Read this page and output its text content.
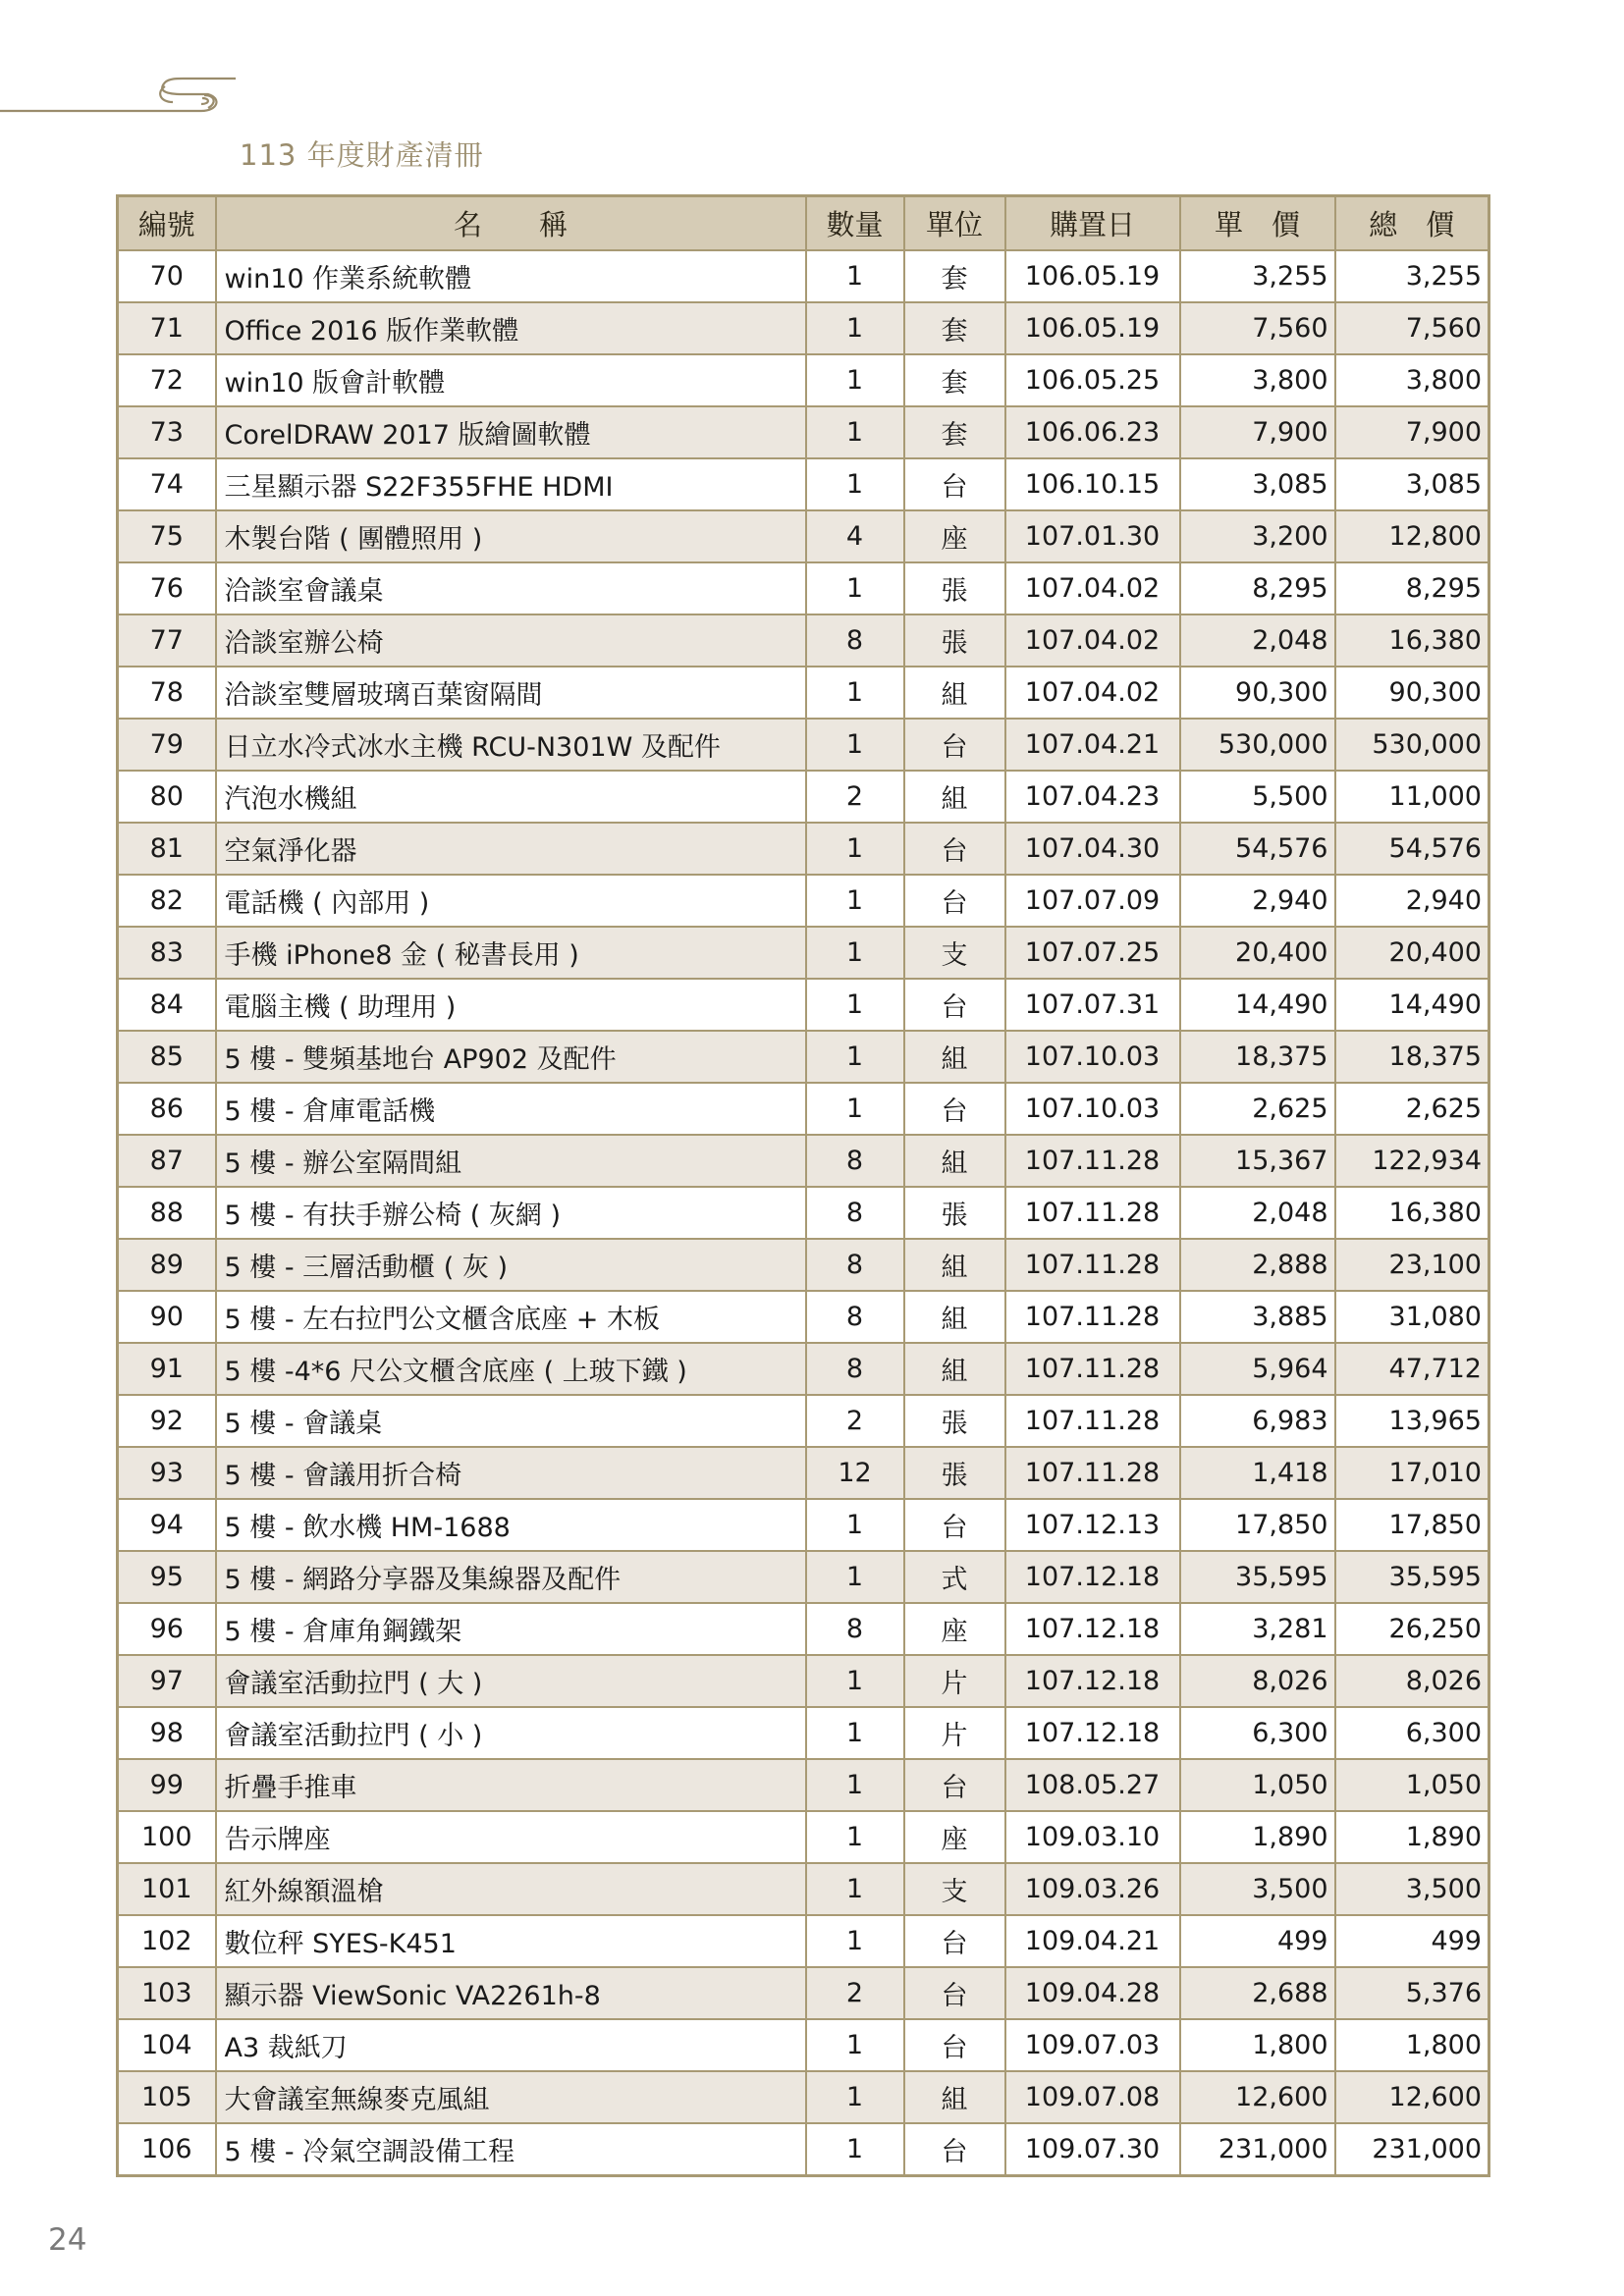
113 年度財產清冊
編號	名　　稱	數量	單位	購置日	單　價	總　價
70	win10 作業系統軟體	1	套	106.05.19	3,255	3,255
71	Office 2016 版作業軟體	1	套	106.05.19	7,560	7,560
72	win10 版會計軟體	1	套	106.05.25	3,800	3,800
73	CorelDRAW 2017 版繪圖軟體	1	套	106.06.23	7,900	7,900
74	三星顯示器 S22F355FHE HDMI	1	台	106.10.15	3,085	3,085
75	木製台階 ( 團體照用 )	4	座	107.01.30	3,200	12,800
76	洽談室會議桌	1	張	107.04.02	8,295	8,295
77	洽談室辦公椅	8	張	107.04.02	2,048	16,380
78	洽談室雙層玻璃百葉窗隔間	1	組	107.04.02	90,300	90,300
79	日立水冷式冰水主機 RCU-N301W 及配件	1	台	107.04.21	530,000	530,000
80	汽泡水機組	2	組	107.04.23	5,500	11,000
81	空氣淨化器	1	台	107.04.30	54,576	54,576
82	電話機 ( 內部用 )	1	台	107.07.09	2,940	2,940
83	手機 iPhone8 金 ( 秘書長用 )	1	支	107.07.25	20,400	20,400
84	電腦主機 ( 助理用 )	1	台	107.07.31	14,490	14,490
85	5 樓 - 雙頻基地台 AP902 及配件	1	組	107.10.03	18,375	18,375
86	5 樓 - 倉庫電話機	1	台	107.10.03	2,625	2,625
87	5 樓 - 辦公室隔間組	8	組	107.11.28	15,367	122,934
88	5 樓 - 有扶手辦公椅 ( 灰網 )	8	張	107.11.28	2,048	16,380
89	5 樓 - 三層活動櫃 ( 灰 )	8	組	107.11.28	2,888	23,100
90	5 樓 - 左右拉門公文櫃含底座 + 木板	8	組	107.11.28	3,885	31,080
91	5 樓 -4*6 尺公文櫃含底座 ( 上玻下鐵 )	8	組	107.11.28	5,964	47,712
92	5 樓 - 會議桌	2	張	107.11.28	6,983	13,965
93	5 樓 - 會議用折合椅	12	張	107.11.28	1,418	17,010
94	5 樓 - 飲水機 HM-1688	1	台	107.12.13	17,850	17,850
95	5 樓 - 網路分享器及集線器及配件	1	式	107.12.18	35,595	35,595
96	5 樓 - 倉庫角鋼鐵架	8	座	107.12.18	3,281	26,250
97	會議室活動拉門 ( 大 )	1	片	107.12.18	8,026	8,026
98	會議室活動拉門 ( 小 )	1	片	107.12.18	6,300	6,300
99	折疊手推車	1	台	108.05.27	1,050	1,050
100	告示牌座	1	座	109.03.10	1,890	1,890
101	紅外線額溫槍	1	支	109.03.26	3,500	3,500
102	數位秤 SYES-K451	1	台	109.04.21	499	499
103	顯示器 ViewSonic VA2261h-8	2	台	109.04.28	2,688	5,376
104	A3 裁紙刀	1	台	109.07.03	1,800	1,800
105	大會議室無線麥克風組	1	組	109.07.08	12,600	12,600
106	5 樓 - 冷氣空調設備工程	1	台	109.07.30	231,000	231,000
24
